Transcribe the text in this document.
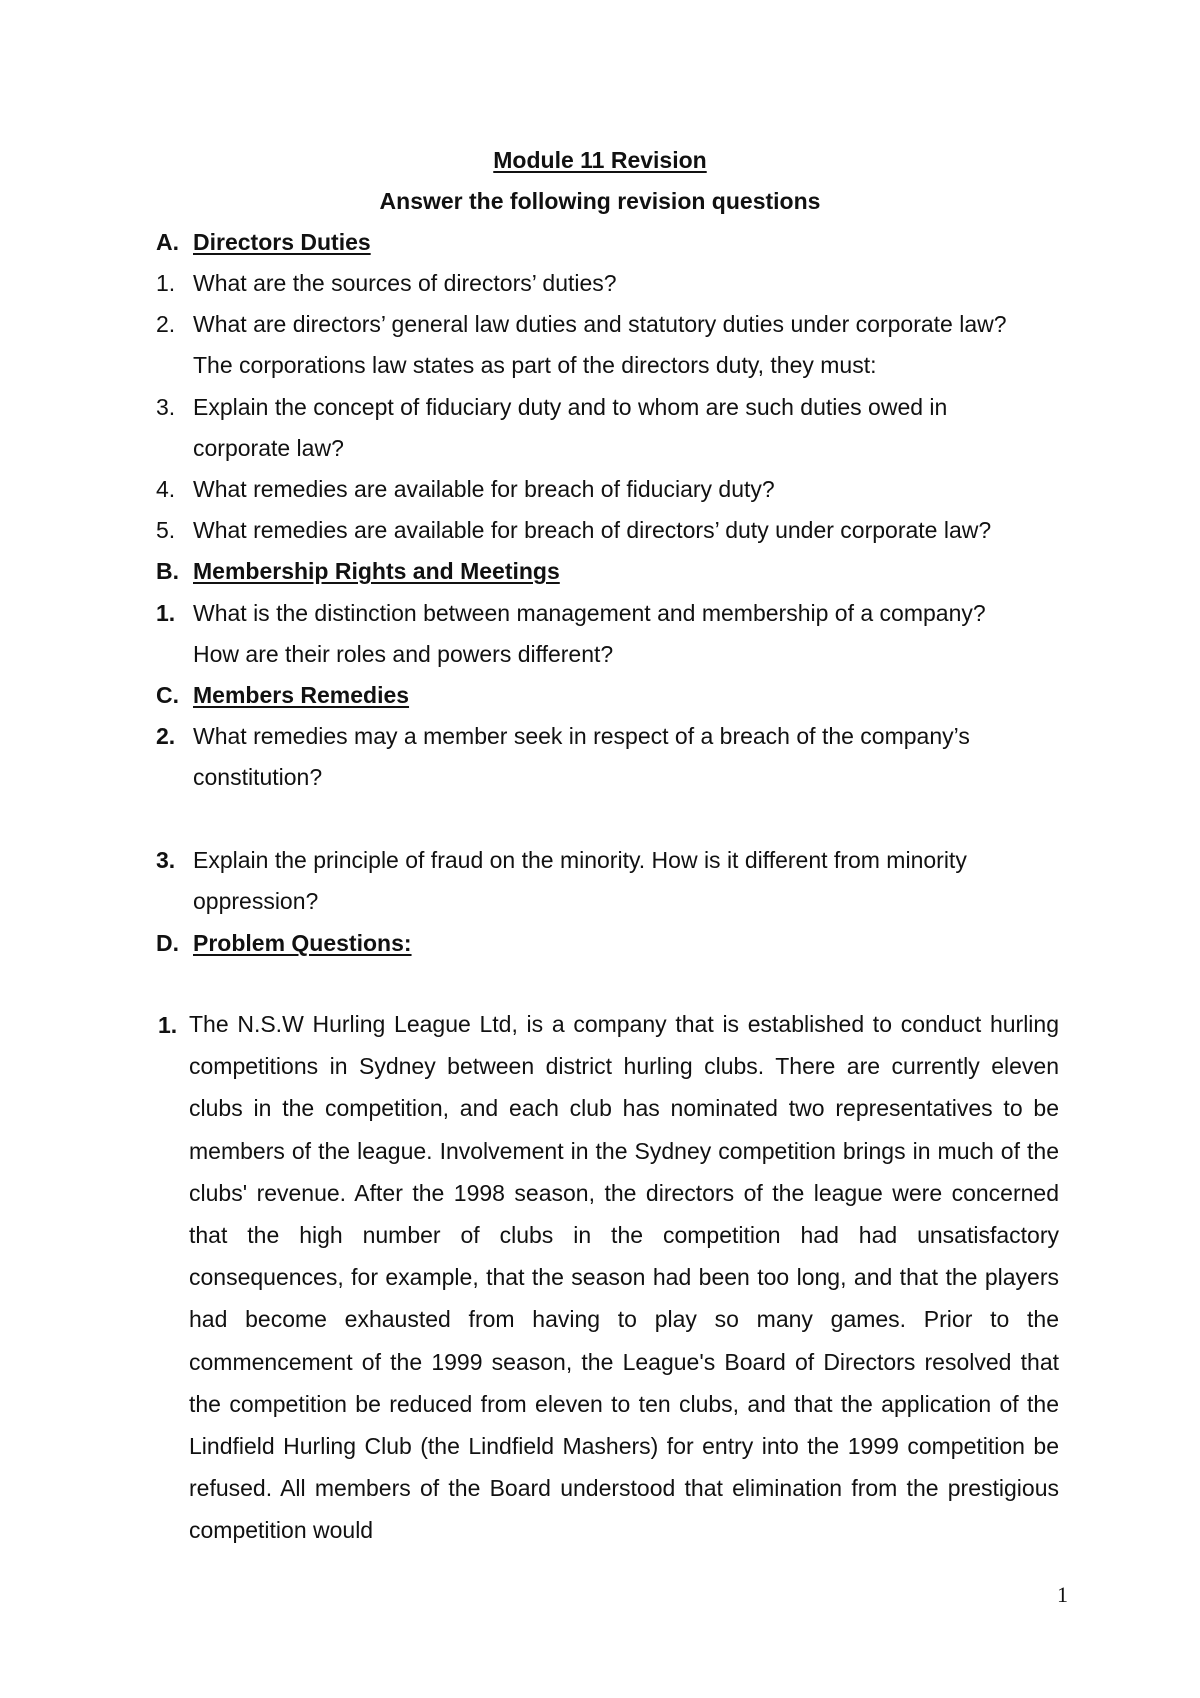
Module 11 Revision
Answer the following revision questions
A. Directors Duties
1. What are the sources of directors’ duties?
2. What are directors’ general law duties and statutory duties under corporate law?
The corporations law states as part of the directors duty, they must:
3. Explain the concept of fiduciary duty and to whom are such duties owed in
corporate law?
4. What remedies are available for breach of fiduciary duty?
5. What remedies are available for breach of directors’ duty under corporate law?
B. Membership Rights and Meetings
1. What is the distinction between management and membership of a company?
How are their roles and powers different?
C. Members Remedies
2. What remedies may a member seek in respect of a breach of the company’s
constitution?
3. Explain the principle of fraud on the minority. How is it different from minority
oppression?
D. Problem Questions:
1. The N.S.W Hurling League Ltd, is a company that is established to conduct hurling competitions in Sydney between district hurling clubs. There are currently eleven clubs in the competition, and each club has nominated two representatives to be members of the league. Involvement in the Sydney competition brings in much of the clubs' revenue. After the 1998 season, the directors of the league were concerned that the high number of clubs in the competition had had unsatisfactory consequences, for example, that the season had been too long, and that the players had become exhausted from having to play so many games. Prior to the commencement of the 1999 season, the League's Board of Directors resolved that the competition be reduced from eleven to ten clubs, and that the application of the Lindfield Hurling Club (the Lindfield Mashers) for entry into the 1999 competition be refused. All members of the Board understood that elimination from the prestigious competition would
1
